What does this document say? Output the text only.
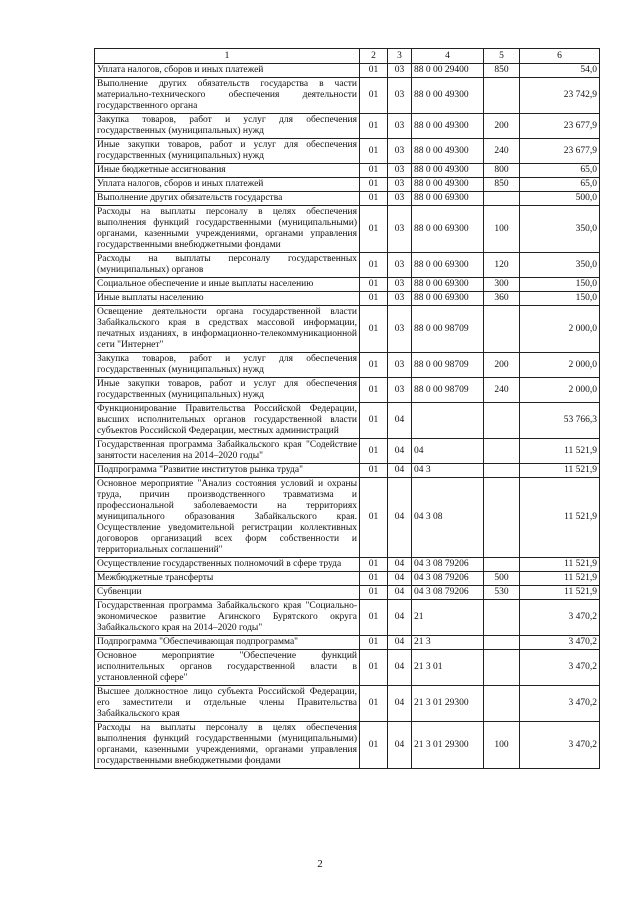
1	2	3	4	5	6
Уплата налогов, сборов и иных платежей	01	03	88 0 00 29400	850	54,0
Выполнение других обязательств государства в части материально-технического обеспечения деятельности государственного органа	01	03	88 0 00 49300		23 742,9
Закупка товаров, работ и услуг для обеспечения государственных (муниципальных) нужд	01	03	88 0 00 49300	200	23 677,9
Иные закупки товаров, работ и услуг для обеспечения государственных (муниципальных) нужд	01	03	88 0 00 49300	240	23 677,9
Иные бюджетные ассигнования	01	03	88 0 00 49300	800	65,0
Уплата налогов, сборов и иных платежей	01	03	88 0 00 49300	850	65,0
Выполнение других обязательств государства	01	03	88 0 00 69300		500,0
Расходы на выплаты персоналу в целях обеспечения выполнения функций государственными (муниципальными) органами, казенными учреждениями, органами управления государственными внебюджетными фондами	01	03	88 0 00 69300	100	350,0
Расходы на выплаты персоналу государственных (муниципальных) органов	01	03	88 0 00 69300	120	350,0
Социальное обеспечение и иные выплаты населению	01	03	88 0 00 69300	300	150,0
Иные выплаты населению	01	03	88 0 00 69300	360	150,0
Освещение деятельности органа государственной власти Забайкальского края в средствах массовой информации, печатных изданиях, в информационно-телекоммуникационной сети "Интернет"	01	03	88 0 00 98709		2 000,0
Закупка товаров, работ и услуг для обеспечения государственных (муниципальных) нужд	01	03	88 0 00 98709	200	2 000,0
Иные закупки товаров, работ и услуг для обеспечения государственных (муниципальных) нужд	01	03	88 0 00 98709	240	2 000,0
Функционирование Правительства Российской Федерации, высших исполнительных органов государственной власти субъектов Российской Федерации, местных администраций	01	04			53 766,3
Государственная программа Забайкальского края "Содействие занятости населения на 2014–2020 годы"	01	04	04		11 521,9
Подпрограмма "Развитие институтов рынка труда"	01	04	04 3		11 521,9
Основное мероприятие "Анализ состояния условий и охраны труда, причин производственного травматизма и профессиональной заболеваемости на территориях муниципального образования Забайкальского края. Осуществление уведомительной регистрации коллективных договоров организаций всех форм собственности и территориальных соглашений"	01	04	04 3 08		11 521,9
Осуществление государственных полномочий в сфере труда	01	04	04 3 08 79206		11 521,9
Межбюджетные трансферты	01	04	04 3 08 79206	500	11 521,9
Субвенции	01	04	04 3 08 79206	530	11 521,9
Государственная программа Забайкальского края "Социально-экономическое развитие Агинского Бурятского округа Забайкальского края на 2014–2020 годы"	01	04	21		3 470,2
Подпрограмма "Обеспечивающая подпрограмма"	01	04	21 3		3 470,2
Основное мероприятие "Обеспечение функций исполнительных органов государственной власти в установленной сфере"	01	04	21 3 01		3 470,2
Высшее должностное лицо субъекта Российской Федерации, его заместители и отдельные члены Правительства Забайкальского края	01	04	21 3 01 29300		3 470,2
Расходы на выплаты персоналу в целях обеспечения выполнения функций государственными (муниципальными) органами, казенными учреждениями, органами управления государственными внебюджетными фондами	01	04	21 3 01 29300	100	3 470,2
2
